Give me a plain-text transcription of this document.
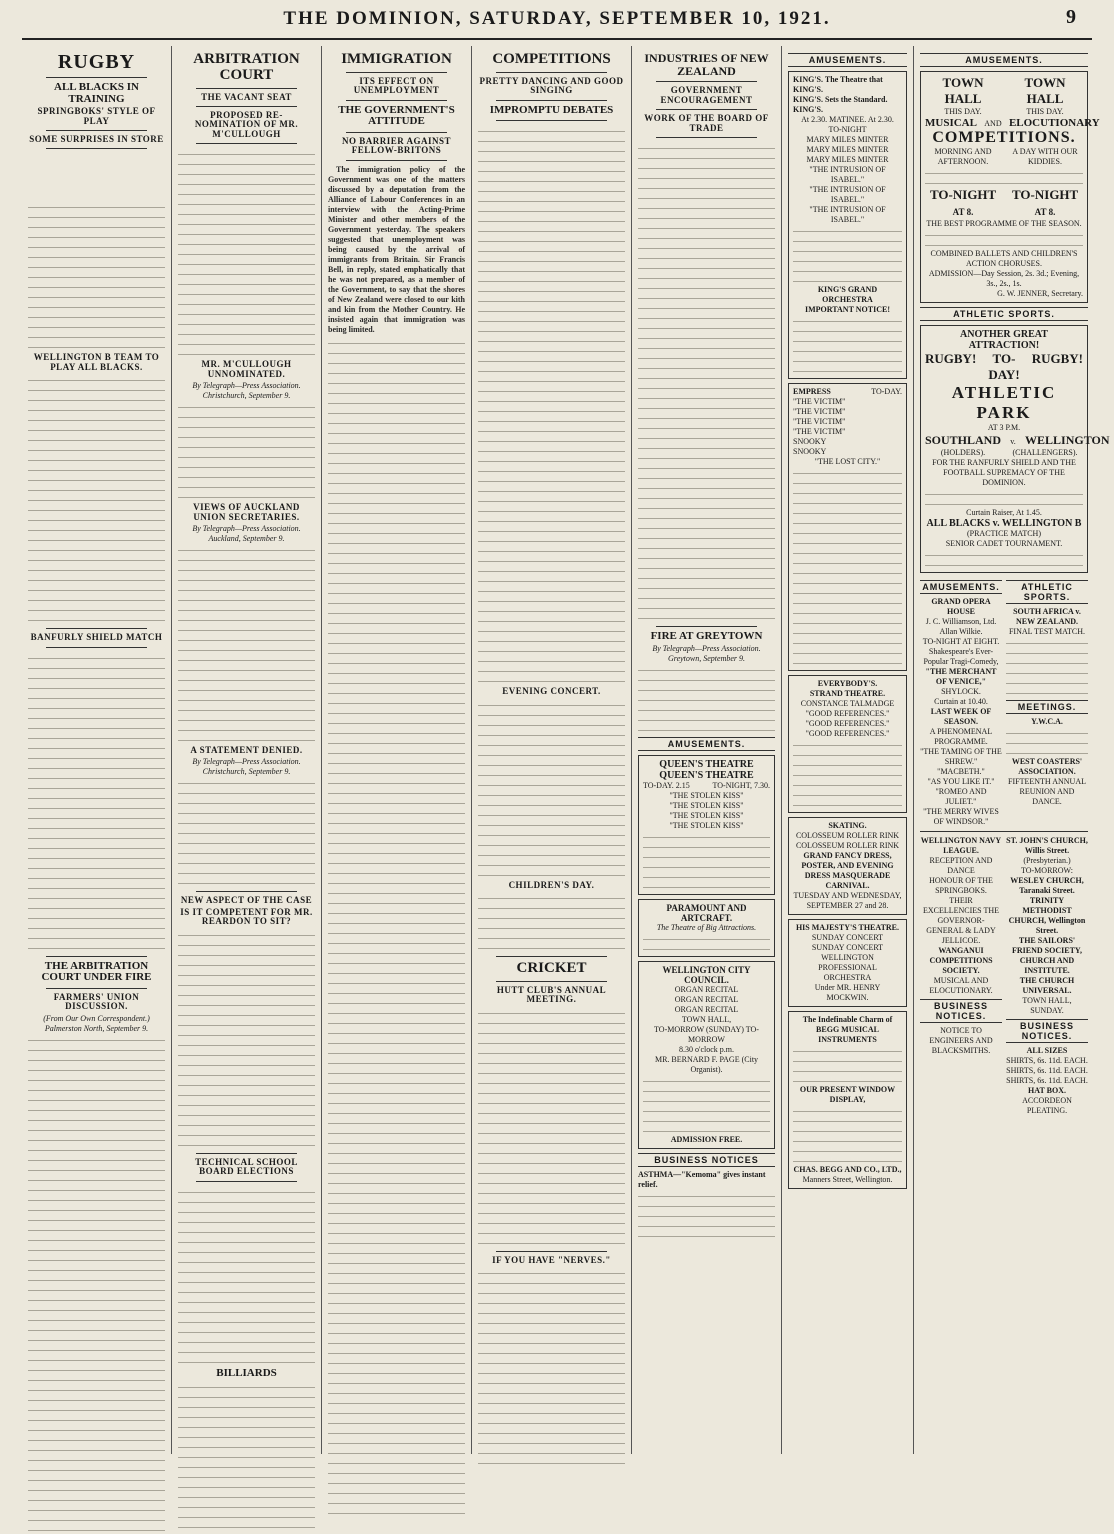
THE DOMINION, SATURDAY, SEPTEMBER 10, 1921.	9
RUGBY
ALL BLACKS IN TRAINING
SPRINGBOKS' STYLE OF PLAY
SOME SURPRISES IN STORE

WELLINGTON B TEAM TO PLAY ALL BLACKS.
BANFURLY SHIELD MATCH
THE ARBITRATION COURT UNDER FIRE
FARMERS' UNION DISCUSSION.
(From Our Own Correspondent.) Palmerston North, September 9.
ARBITRATION COURT
THE VACANT SEAT
PROPOSED RE-NOMINATION OF MR. M'CULLOUGH
MR. M'CULLOUGH UNNOMINATED.
By Telegraph—Press Association. Christchurch, September 9.
VIEWS OF AUCKLAND UNION SECRETARIES.
By Telegraph—Press Association. Auckland, September 9.
A STATEMENT DENIED.
By Telegraph—Press Association. Christchurch, September 9.
NEW ASPECT OF THE CASE
IS IT COMPETENT FOR MR. REARDON TO SIT?
TECHNICAL SCHOOL BOARD ELECTIONS
BILLIARDS
IMMIGRATION
ITS EFFECT ON UNEMPLOYMENT
THE GOVERNMENT'S ATTITUDE
NO BARRIER AGAINST FELLOW-BRITONS

The immigration policy of the Government was one of the matters discussed by a deputation from the Alliance of Labour Conferences in an interview with the Acting-Prime Minister and other members of the Government yesterday. The speakers suggested that unemployment was being caused by the arrival of immigrants from Britain. Sir Francis Bell, in reply, stated emphatically that he was not prepared, as a member of the Government, to say that the shores of New Zealand were closed to our kith and kin from the Mother Country. He insisted again that immigration was being limited.

COMPETITIONS
PRETTY DANCING AND GOOD SINGING
IMPROMPTU DEBATES
EVENING CONCERT.
CHILDREN'S DAY.
CRICKET
HUTT CLUB'S ANNUAL MEETING.
IF YOU HAVE "NERVES."
INDUSTRIES OF NEW ZEALAND
GOVERNMENT ENCOURAGEMENT
WORK OF THE BOARD OF TRADE
FIRE AT GREYTOWN
By Telegraph—Press Association. Greytown, September 9.
AMUSEMENTS.
QUEEN'S THEATRE
QUEEN'S THEATRE
TO-DAY. 2.15	TO-NIGHT, 7.30.
"THE STOLEN KISS"
"THE STOLEN KISS"
"THE STOLEN KISS"
"THE STOLEN KISS"
PARAMOUNT AND ARTCRAFT.
The Theatre of Big Attractions.
WELLINGTON CITY COUNCIL.
ORGAN RECITAL
ORGAN RECITAL
ORGAN RECITAL
TOWN HALL,
TO-MORROW (SUNDAY) TO-MORROW
8.30 o'clock p.m.
MR. BERNARD F. PAGE (City Organist).
ADMISSION FREE.
BUSINESS NOTICES
ASTHMA—"Kemoma" gives instant relief.
AMUSEMENTS.
KING'S. The Theatre that KING'S.
KING'S. Sets the Standard. KING'S.
At 2.30. MATINEE. At 2.30.
TO-NIGHT
MARY MILES MINTER
MARY MILES MINTER
MARY MILES MINTER
"THE INTRUSION OF ISABEL."
"THE INTRUSION OF ISABEL."
"THE INTRUSION OF ISABEL."
KING'S GRAND ORCHESTRA
IMPORTANT NOTICE!
EMPRESS	TO-DAY.
"THE VICTIM"
"THE VICTIM"
"THE VICTIM"
"THE VICTIM"
SNOOKY
SNOOKY
"THE LOST CITY."
EVERYBODY'S.
STRAND THEATRE.
CONSTANCE TALMADGE
"GOOD REFERENCES."
"GOOD REFERENCES."
"GOOD REFERENCES."
SKATING.
COLOSSEUM ROLLER RINK
COLOSSEUM ROLLER RINK
GRAND FANCY DRESS, POSTER, AND EVENING DRESS MASQUERADE CARNIVAL.
TUESDAY AND WEDNESDAY, SEPTEMBER 27 and 28.
HIS MAJESTY'S THEATRE.
SUNDAY CONCERT
SUNDAY CONCERT
WELLINGTON
PROFESSIONAL
ORCHESTRA
Under MR. HENRY MOCKWIN.
The Indefinable Charm of BEGG MUSICAL INSTRUMENTS
OUR PRESENT WINDOW DISPLAY,
CHAS. BEGG AND CO., LTD.,
Manners Street, Wellington.
AMUSEMENTS.
TOWN HALL
TOWN HALL
THIS DAY.	THIS DAY.
MUSICAL AND ELOCUTIONARY
COMPETITIONS.
MORNING AND AFTERNOON.
A DAY WITH OUR KIDDIES.
TO-NIGHT AT 8.
TO-NIGHT AT 8.
THE BEST PROGRAMME OF THE SEASON.
COMBINED BALLETS AND CHILDREN'S ACTION CHORUSES.
ADMISSION—Day Session, 2s. 3d.; Evening, 3s., 2s., 1s.
G. W. JENNER, Secretary.
ATHLETIC SPORTS.
ANOTHER GREAT ATTRACTION!
RUGBY!	TO-DAY!
RUGBY!
ATHLETIC PARK
AT 3 P.M.
SOUTHLAND	v. WELLINGTON
(HOLDERS).	(CHALLENGERS).
FOR THE RANFURLY SHIELD AND THE FOOTBALL SUPREMACY OF THE DOMINION.
Curtain Raiser, At 1.45.
ALL BLACKS v. WELLINGTON B
(PRACTICE MATCH)
SENIOR CADET TOURNAMENT.
AMUSEMENTS.
GRAND OPERA HOUSE
J. C. Williamson, Ltd.
Allan Wilkie.
TO-NIGHT AT EIGHT.
Shakespeare's Ever-Popular Tragi-Comedy,
"THE MERCHANT OF VENICE,"
SHYLOCK.
Curtain at 10.40.
LAST WEEK OF SEASON.
A PHENOMENAL PROGRAMME.
"THE TAMING OF THE SHREW."
"MACBETH."
"AS YOU LIKE IT."
"ROMEO AND JULIET."
"THE MERRY WIVES OF WINDSOR."
ATHLETIC SPORTS.
SOUTH AFRICA v. NEW ZEALAND.
FINAL TEST MATCH.
MEETINGS.
Y.W.C.A.
WEST COASTERS' ASSOCIATION.
FIFTEENTH ANNUAL REUNION AND DANCE.
WELLINGTON NAVY LEAGUE.
RECEPTION AND DANCE
HONOUR OF THE SPRINGBOKS.
THEIR EXCELLENCIES THE GOVERNOR-GENERAL & LADY JELLICOE.
WANGANUI COMPETITIONS SOCIETY.
MUSICAL AND ELOCUTIONARY.
BUSINESS NOTICES.
NOTICE TO ENGINEERS AND BLACKSMITHS.
ST. JOHN'S CHURCH, Willis Street.
(Presbyterian.)
TO-MORROW:
WESLEY CHURCH, Taranaki Street.
TRINITY METHODIST CHURCH, Wellington Street.
THE SAILORS' FRIEND SOCIETY, CHURCH AND INSTITUTE.
THE CHURCH UNIVERSAL.
TOWN HALL, SUNDAY.
BUSINESS NOTICES.
ALL SIZES
SHIRTS, 6s. 11d. EACH.
SHIRTS, 6s. 11d. EACH.
SHIRTS, 6s. 11d. EACH.
HAT BOX.
ACCORDEON PLEATING.
